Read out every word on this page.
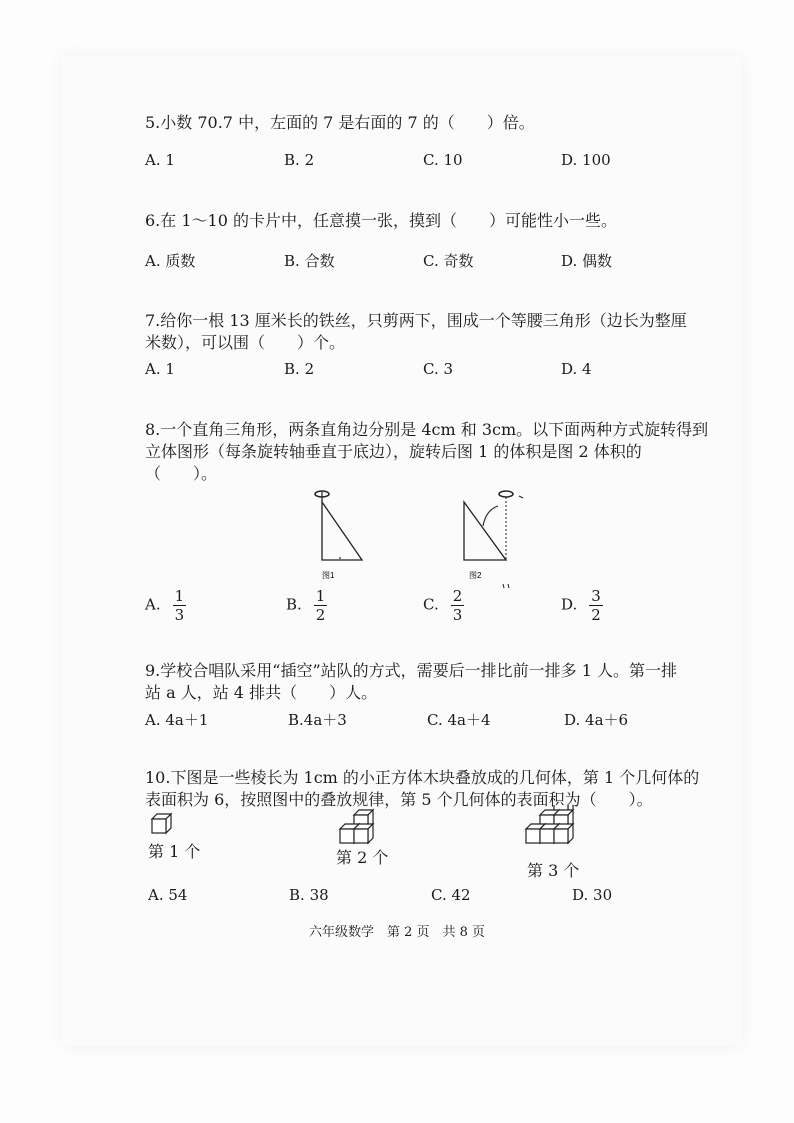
5.小数 70.7 中，左面的 7 是右面的 7 的（　　）倍。
A. 1	B. 2	C. 10	D. 100
6.在 1～10 的卡片中，任意摸一张，摸到（　　）可能性小一些。
A. 质数	B. 合数	C. 奇数	D. 偶数
7.给你一根 13 厘米长的铁丝，只剪两下，围成一个等腰三角形（边长为整厘
米数），可以围（　　）个。
A. 1	B. 2	C. 3	D. 4
8.一个直角三角形，两条直角边分别是 4cm 和 3cm。以下面两种方式旋转得到
立体图形（每条旋转轴垂直于底边），旋转后图 1 的体积是图 2 体积的
（　　）。
图1	图2
A. $\frac{1}{3}$	B. $\frac{1}{2}$	C. $\frac{2}{3}$	D. $\frac{3}{2}$
9.学校合唱队采用“插空”站队的方式，需要后一排比前一排多 1 人。第一排
站 a 人，站 4 排共（　　）人。
A. 4a＋1	B.4a＋3	C. 4a＋4	D. 4a＋6
10.下图是一些棱长为 1cm 的小正方体木块叠放成的几何体，第 1 个几何体的
表面积为 6，按照图中的叠放规律，第 5 个几何体的表面积为（　　）。
第 1 个	第 2 个
第 3 个
A. 54	B. 38	C. 42	D. 30
六年级数学　第 2 页　共 8 页
